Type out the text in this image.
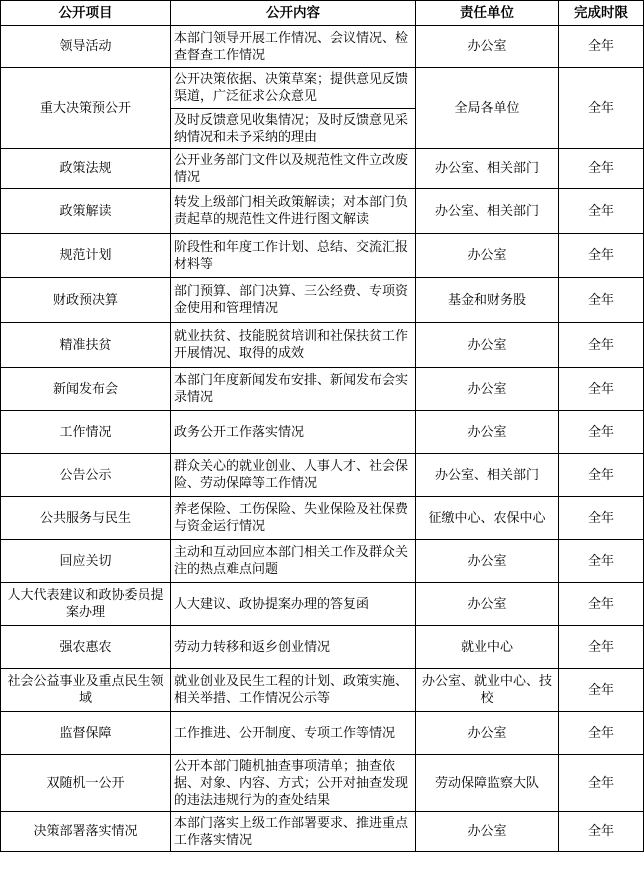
公开项目	公开内容	责任单位	完成时限
领导活动	本部门领导开展工作情况、会议情况、检查督查工作情况	办公室	全年
重大决策预公开	公开决策依据、决策草案；提供意见反馈渠道，广泛征求公众意见	全局各单位	全年
	及时反馈意见收集情况；及时反馈意见采纳情况和未予采纳的理由		
政策法规	公开业务部门文件以及规范性文件立改废情况	办公室、相关部门	全年
政策解读	转发上级部门相关政策解读；对本部门负责起草的规范性文件进行图文解读	办公室、相关部门	全年
规范计划	阶段性和年度工作计划、总结、交流汇报材料等	办公室	全年
财政预决算	部门预算、部门决算、三公经费、专项资金使用和管理情况	基金和财务股	全年
精准扶贫	就业扶贫、技能脱贫培训和社保扶贫工作开展情况、取得的成效	办公室	全年
新闻发布会	本部门年度新闻发布安排、新闻发布会实录情况	办公室	全年
工作情况	政务公开工作落实情况	办公室	全年
公告公示	群众关心的就业创业、人事人才、社会保险、劳动保障等工作情况	办公室、相关部门	全年
公共服务与民生	养老保险、工伤保险、失业保险及社保费与资金运行情况	征缴中心、农保中心	全年
回应关切	主动和互动回应本部门相关工作及群众关注的热点难点问题	办公室	全年
人大代表建议和政协委员提案办理	人大建议、政协提案办理的答复函	办公室	全年
强农惠农	劳动力转移和返乡创业情况	就业中心	全年
社会公益事业及重点民生领域	就业创业及民生工程的计划、政策实施、相关举措、工作情况公示等	办公室、就业中心、技校	全年
监督保障	工作推进、公开制度、专项工作等情况	办公室	全年
双随机一公开	公开本部门随机抽查事项清单；抽查依据、对象、内容、方式；公开对抽查发现的违法违规行为的查处结果	劳动保障监察大队	全年
决策部署落实情况	本部门落实上级工作部署要求、推进重点工作落实情况	办公室	全年
